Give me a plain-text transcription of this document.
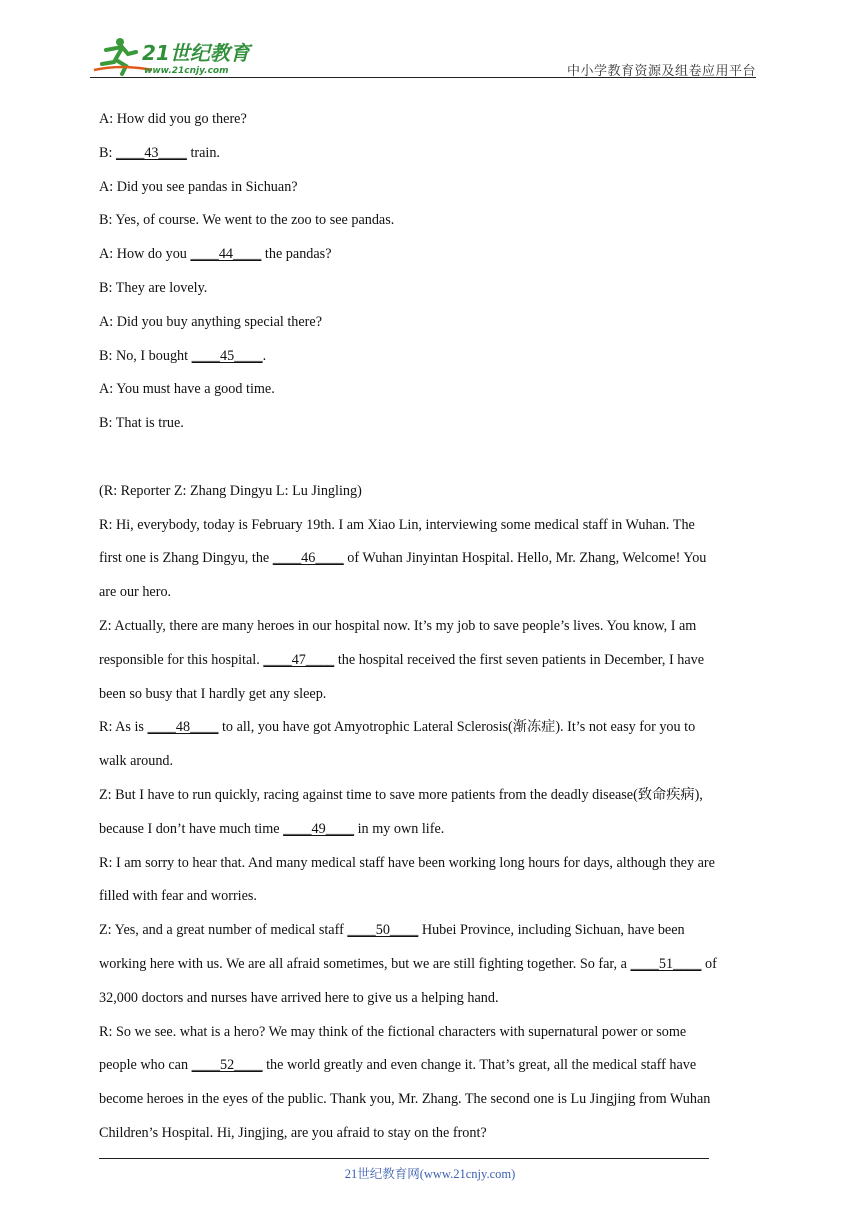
21世纪教育
www.21cnjy.com	中小学教育资源及组卷应用平台
A: How did you go there?
B: ____43____ train.
A: Did you see pandas in Sichuan?
B: Yes, of course. We went to the zoo to see pandas.
A: How do you ____44____ the pandas?
B: They are lovely.
A: Did you buy anything special there?
B: No, I bought ____45____.
A: You must have a good time.
B: That is true.
(R: Reporter Z: Zhang Dingyu L: Lu Jingling)
R: Hi, everybody, today is February 19th. I am Xiao Lin, interviewing some medical staff in Wuhan. The
first one is Zhang Dingyu, the ____46____ of Wuhan Jinyintan Hospital. Hello, Mr. Zhang, Welcome! You
are our hero.
Z: Actually, there are many heroes in our hospital now. It’s my job to save people’s lives. You know, I am
responsible for this hospital. ____47____ the hospital received the first seven patients in December, I have
been so busy that I hardly get any sleep.
R: As is ____48____ to all, you have got Amyotrophic Lateral Sclerosis(渐冻症). It’s not easy for you to
walk around.
Z: But I have to run quickly, racing against time to save more patients from the deadly disease(致命疾病),
because I don’t have much time ____49____ in my own life.
R: I am sorry to hear that. And many medical staff have been working long hours for days, although they are
filled with fear and worries.
Z: Yes, and a great number of medical staff ____50____ Hubei Province, including Sichuan, have been
working here with us. We are all afraid sometimes, but we are still fighting together. So far, a ____51____ of
32,000 doctors and nurses have arrived here to give us a helping hand.
R: So we see. what is a hero? We may think of the fictional characters with supernatural power or some
people who can ____52____ the world greatly and even change it. That’s great, all the medical staff have
become heroes in the eyes of the public. Thank you, Mr. Zhang. The second one is Lu Jingjing from Wuhan
Children’s Hospital. Hi, Jingjing, are you afraid to stay on the front?
21世纪教育网(www.21cnjy.com)
